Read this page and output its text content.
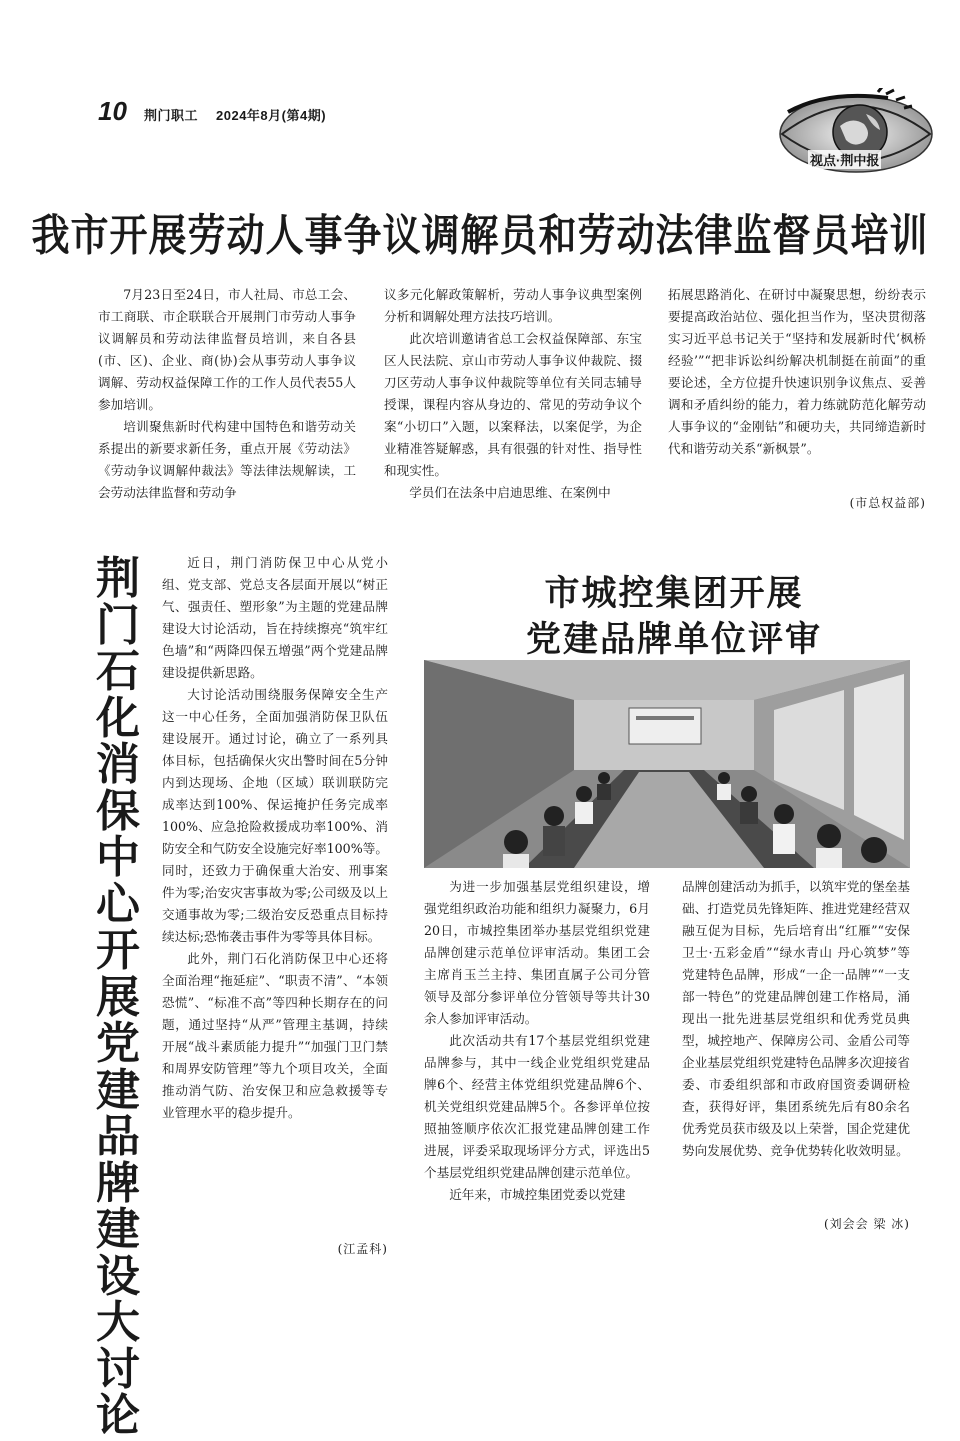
10 荆门职工 2024年8月(第4期)
视点·荆中报
我市开展劳动人事争议调解员和劳动法律监督员培训

7月23日至24日，市人社局、市总工会、市工商联、市企联联合开展荆门市劳动人事争议调解员和劳动法律监督员培训，来自各县(市、区)、企业、商(协)会从事劳动人事争议调解、劳动权益保障工作的工作人员代表55人参加培训。

培训聚焦新时代构建中国特色和谐劳动关系提出的新要求新任务，重点开展《劳动法》《劳动争议调解仲裁法》等法律法规解读，工会劳动法律监督和劳动争

议多元化解政策解析，劳动人事争议典型案例分析和调解处理方法技巧培训。

此次培训邀请省总工会权益保障部、东宝区人民法院、京山市劳动人事争议仲裁院、掇刀区劳动人事争议仲裁院等单位有关同志辅导授课，课程内容从身边的、常见的劳动争议个案“小切口”入题，以案释法，以案促学，为企业精准答疑解惑，具有很强的针对性、指导性和现实性。

学员们在法条中启迪思维、在案例中

拓展思路消化、在研讨中凝聚思想，纷纷表示要提高政治站位、强化担当作为，坚决贯彻落实习近平总书记关于“坚持和发展新时代‘枫桥经验’”“把非诉讼纠纷解决机制挺在前面”的重要论述，全方位提升快速识别争议焦点、妥善调和矛盾纠纷的能力，着力练就防范化解劳动人事争议的“金刚钻”和硬功夫，共同缔造新时代和谐劳动关系“新枫景”。

(市总权益部)
荆门石化消保中心开展党建品牌建设大讨论

近日，荆门消防保卫中心从党小组、党支部、党总支各层面开展以“树正气、强责任、塑形象”为主题的党建品牌建设大讨论活动，旨在持续擦亮“筑牢红色墙”和“两降四保五增强”两个党建品牌建设提供新思路。

大讨论活动围绕服务保障安全生产这一中心任务，全面加强消防保卫队伍建设展开。通过讨论，确立了一系列具体目标，包括确保火灾出警时间在5分钟内到达现场、企地（区域）联训联防完成率达到100%、保运掩护任务完成率100%、应急抢险救援成功率100%、消防安全和气防安全设施完好率100%等。同时，还致力于确保重大治安、刑事案件为零;治安灾害事故为零;公司级及以上交通事故为零;二级治安反恐重点目标持续达标;恐怖袭击事件为零等具体目标。

此外，荆门石化消防保卫中心还将全面治理“拖延症”、“职责不清”、“本领恐慌”、“标准不高”等四种长期存在的问题，通过坚持“从严”管理主基调，持续开展“战斗素质能力提升”“加强门卫门禁和周界安防管理”等九个项目攻关，全面推动消气防、治安保卫和应急救援等专业管理水平的稳步提升。

(江孟科)
市城控集团开展
党建品牌单位评审

为进一步加强基层党组织建设，增强党组织政治功能和组织力凝聚力，6月20日，市城控集团举办基层党组织党建品牌创建示范单位评审活动。集团工会主席肖玉兰主持、集团直属子公司分管领导及部分参评单位分管领导等共计30余人参加评审活动。

此次活动共有17个基层党组织党建品牌参与，其中一线企业党组织党建品牌6个、经营主体党组织党建品牌6个、机关党组织党建品牌5个。各参评单位按照抽签顺序依次汇报党建品牌创建工作进展，评委采取现场评分方式，评选出5个基层党组织党建品牌创建示范单位。

近年来，市城控集团党委以党建

品牌创建活动为抓手，以筑牢党的堡垒基础、打造党员先锋矩阵、推进党建经营双融互促为目标，先后培育出“红雁”“安保卫士·五彩金盾”“绿水青山 丹心筑梦”等党建特色品牌，形成“一企一品牌”“一支部一特色”的党建品牌创建工作格局，涌现出一批先进基层党组织和优秀党员典型，城控地产、保障房公司、金盾公司等企业基层党组织党建特色品牌多次迎接省委、市委组织部和市政府国资委调研检查，获得好评，集团系统先后有80余名优秀党员获市级及以上荣誉，国企党建优势向发展优势、竞争优势转化收效明显。

(刘会会 梁 冰)
